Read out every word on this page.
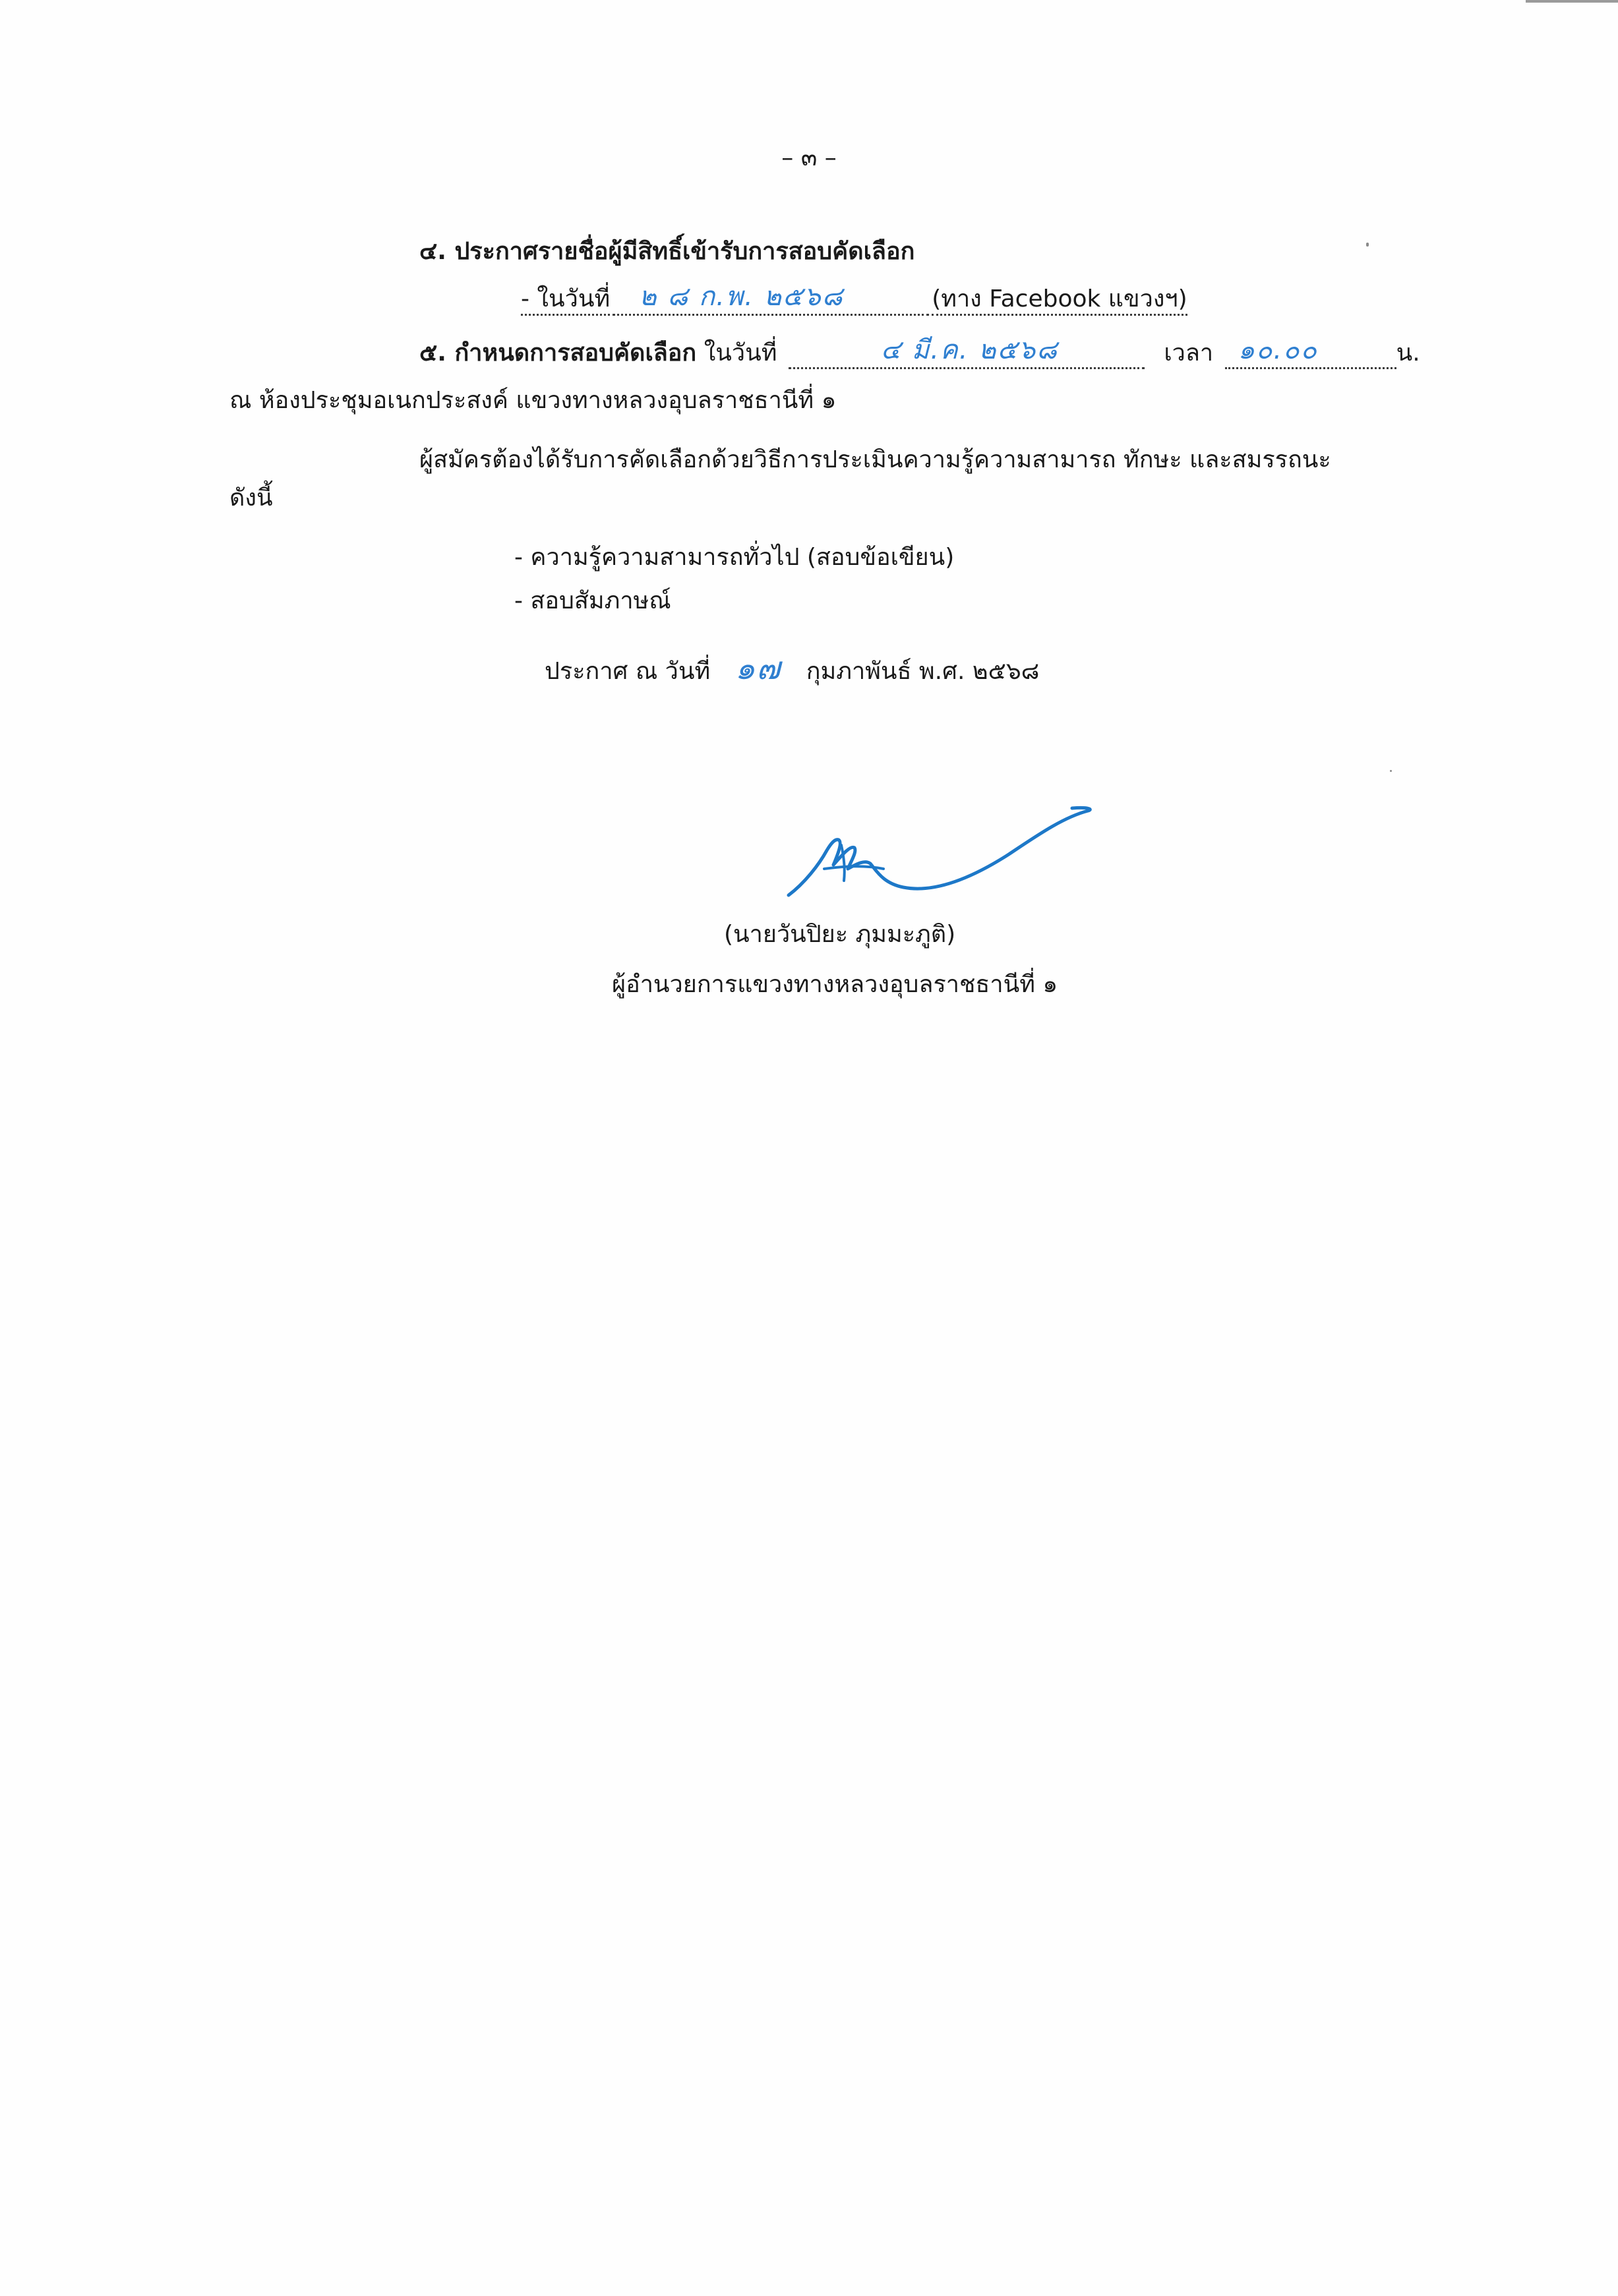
– ๓ –
๔. ประกาศรายชื่อผู้มีสิทธิ์เข้ารับการสอบคัดเลือก
- ในวันที่ ๒ ๘ ก.พ. ๒๕๖๘	(ทาง Facebook แขวงฯ)
๕. กำหนดการสอบคัดเลือก ในวันที่	๔ มี.ค. ๒๕๖๘	เวลา ๑๐.๐๐	น.
ณ ห้องประชุมอเนกประสงค์ แขวงทางหลวงอุบลราชธานีที่ ๑
ผู้สมัครต้องได้รับการคัดเลือกด้วยวิธีการประเมินความรู้ความสามารถ ทักษะ และสมรรถนะ
ดังนี้
- ความรู้ความสามารถทั่วไป (สอบข้อเขียน)
- สอบสัมภาษณ์
ประกาศ ณ วันที่ ๑๗ กุมภาพันธ์ พ.ศ. ๒๕๖๘
(นายวันปิยะ ภุมมะภูติ)
ผู้อำนวยการแขวงทางหลวงอุบลราชธานีที่ ๑
